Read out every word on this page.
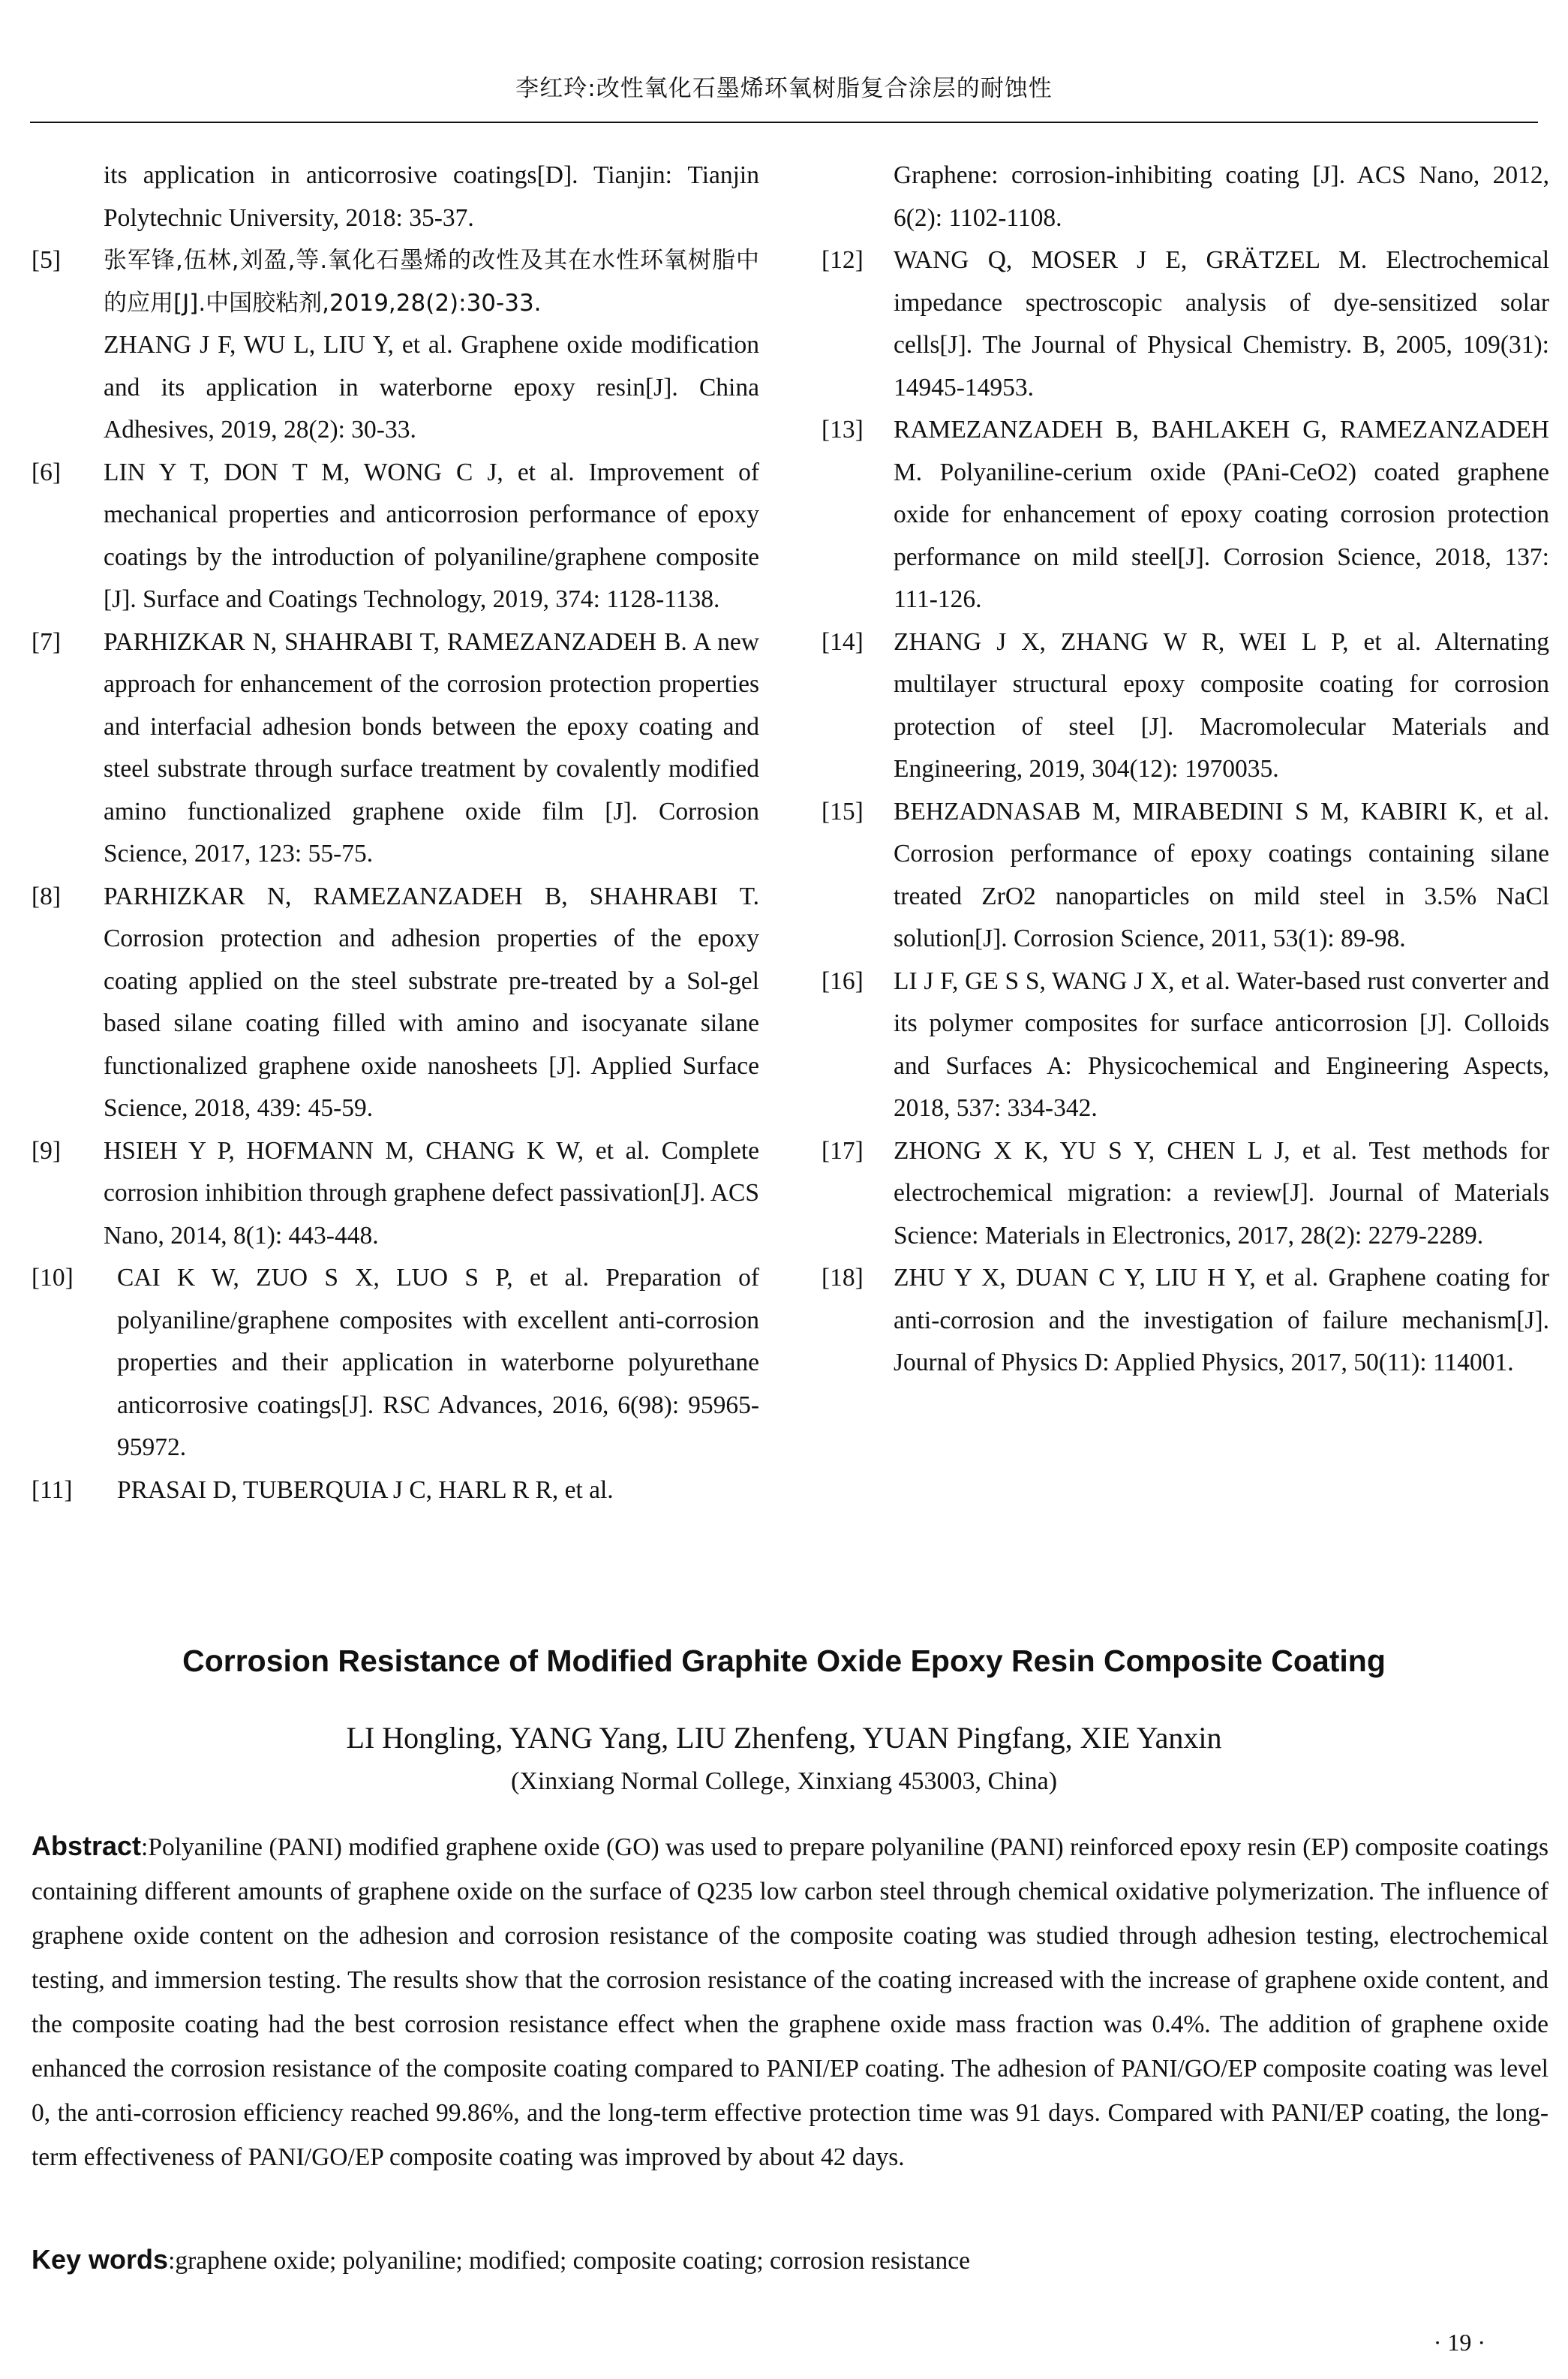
李红玲:改性氧化石墨烯环氧树脂复合涂层的耐蚀性
its application in anticorrosive coatings[D]. Tianjin: Tianjin Polytechnic University, 2018: 35-37.
[5] 张军锋,伍林,刘盈,等.氧化石墨烯的改性及其在水性环氧树脂中的应用[J].中国胶粘剂,2019,28(2):30-33.
ZHANG J F, WU L, LIU Y, et al. Graphene oxide modification and its application in waterborne epoxy resin[J]. China Adhesives, 2019, 28(2): 30-33.
[6] LIN Y T, DON T M, WONG C J, et al. Improvement of mechanical properties and anticorrosion performance of epoxy coatings by the introduction of polyaniline/graphene composite [J]. Surface and Coatings Technology, 2019, 374: 1128-1138.
[7] PARHIZKAR N, SHAHRABI T, RAMEZANZADEH B. A new approach for enhancement of the corrosion protection properties and interfacial adhesion bonds between the epoxy coating and steel substrate through surface treatment by covalently modified amino functionalized graphene oxide film [J]. Corrosion Science, 2017, 123: 55-75.
[8] PARHIZKAR N, RAMEZANZADEH B, SHAHRABI T. Corrosion protection and adhesion properties of the epoxy coating applied on the steel substrate pre-treated by a Sol-gel based silane coating filled with amino and isocyanate silane functionalized graphene oxide nanosheets [J]. Applied Surface Science, 2018, 439: 45-59.
[9] HSIEH Y P, HOFMANN M, CHANG K W, et al. Complete corrosion inhibition through graphene defect passivation[J]. ACS Nano, 2014, 8(1): 443-448.
[10] CAI K W, ZUO S X, LUO S P, et al. Preparation of polyaniline/graphene composites with excellent anti-corrosion properties and their application in waterborne polyurethane anticorrosive coatings[J]. RSC Advances, 2016, 6(98): 95965-95972.
[11] PRASAI D, TUBERQUIA J C, HARL R R, et al.
Graphene: corrosion-inhibiting coating [J]. ACS Nano, 2012, 6(2): 1102-1108.
[12] WANG Q, MOSER J E, GRÄTZEL M. Electrochemical impedance spectroscopic analysis of dye-sensitized solar cells[J]. The Journal of Physical Chemistry. B, 2005, 109(31): 14945-14953.
[13] RAMEZANZADEH B, BAHLAKEH G, RAMEZANZADEH M. Polyaniline-cerium oxide (PAni-CeO2) coated graphene oxide for enhancement of epoxy coating corrosion protection performance on mild steel[J]. Corrosion Science, 2018, 137: 111-126.
[14] ZHANG J X, ZHANG W R, WEI L P, et al. Alternating multilayer structural epoxy composite coating for corrosion protection of steel [J]. Macromolecular Materials and Engineering, 2019, 304(12): 1970035.
[15] BEHZADNASAB M, MIRABEDINI S M, KABIRI K, et al. Corrosion performance of epoxy coatings containing silane treated ZrO2 nanoparticles on mild steel in 3.5% NaCl solution[J]. Corrosion Science, 2011, 53(1): 89-98.
[16] LI J F, GE S S, WANG J X, et al. Water-based rust converter and its polymer composites for surface anticorrosion [J]. Colloids and Surfaces A: Physicochemical and Engineering Aspects, 2018, 537: 334-342.
[17] ZHONG X K, YU S Y, CHEN L J, et al. Test methods for electrochemical migration: a review[J]. Journal of Materials Science: Materials in Electronics, 2017, 28(2): 2279-2289.
[18] ZHU Y X, DUAN C Y, LIU H Y, et al. Graphene coating for anti-corrosion and the investigation of failure mechanism[J]. Journal of Physics D: Applied Physics, 2017, 50(11): 114001.
Corrosion Resistance of Modified Graphite Oxide Epoxy Resin Composite Coating
LI Hongling, YANG Yang, LIU Zhenfeng, YUAN Pingfang, XIE Yanxin
(Xinxiang Normal College, Xinxiang 453003, China)
Abstract:Polyaniline (PANI) modified graphene oxide (GO) was used to prepare polyaniline (PANI) reinforced epoxy resin (EP) composite coatings containing different amounts of graphene oxide on the surface of Q235 low carbon steel through chemical oxidative polymerization. The influence of graphene oxide content on the adhesion and corrosion resistance of the composite coating was studied through adhesion testing, electrochemical testing, and immersion testing. The results show that the corrosion resistance of the coating increased with the increase of graphene oxide content, and the composite coating had the best corrosion resistance effect when the graphene oxide mass fraction was 0.4%. The addition of graphene oxide enhanced the corrosion resistance of the composite coating compared to PANI/EP coating. The adhesion of PANI/GO/EP composite coating was level 0, the anti-corrosion efficiency reached 99.86%, and the long-term effective protection time was 91 days. Compared with PANI/EP coating, the long-term effectiveness of PANI/GO/EP composite coating was improved by about 42 days.
Key words:graphene oxide; polyaniline; modified; composite coating; corrosion resistance
· 19 ·
